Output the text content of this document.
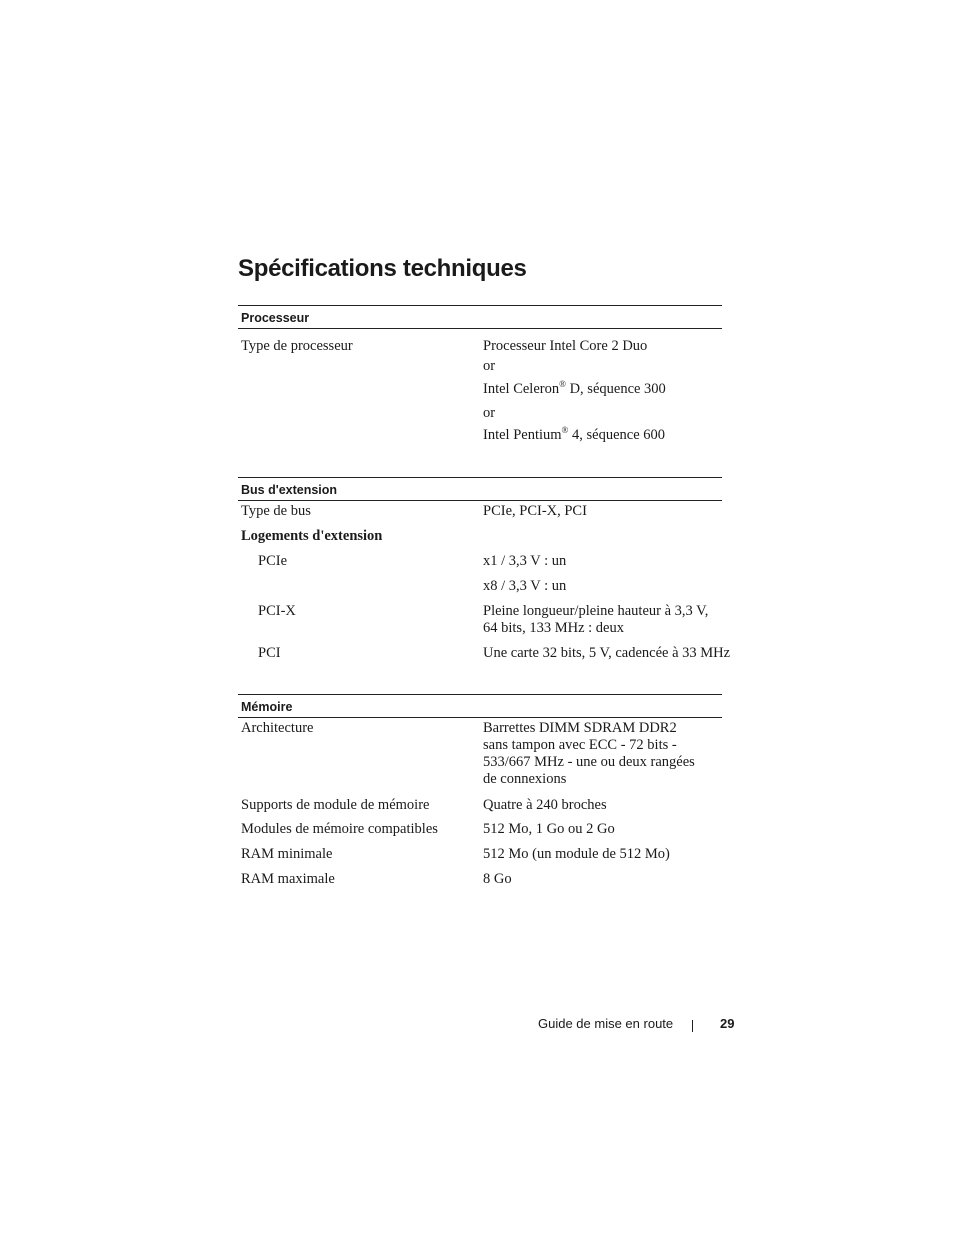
Spécifications techniques
Processeur
Type de processeur	Processeur Intel Core 2 Duo
or
Intel Celeron® D, séquence 300
or
Intel Pentium® 4, séquence 600
Bus d'extension
Type de bus	PCIe, PCI-X, PCI
Logements d'extension
PCIe	x1 / 3,3 V : un
x8 / 3,3 V : un
PCI-X	Pleine longueur/pleine hauteur à 3,3 V,
64 bits, 133 MHz : deux
PCI	Une carte 32 bits, 5 V, cadencée à 33 MHz
Mémoire
Architecture	Barrettes DIMM SDRAM DDR2
sans tampon avec ECC - 72 bits -
533/667 MHz - une ou deux rangées
de connexions
Supports de module de mémoire	Quatre à 240 broches
Modules de mémoire compatibles	512 Mo, 1 Go ou 2 Go
RAM minimale	512 Mo (un module de 512 Mo)
RAM maximale	8 Go
Guide de mise en route	29
